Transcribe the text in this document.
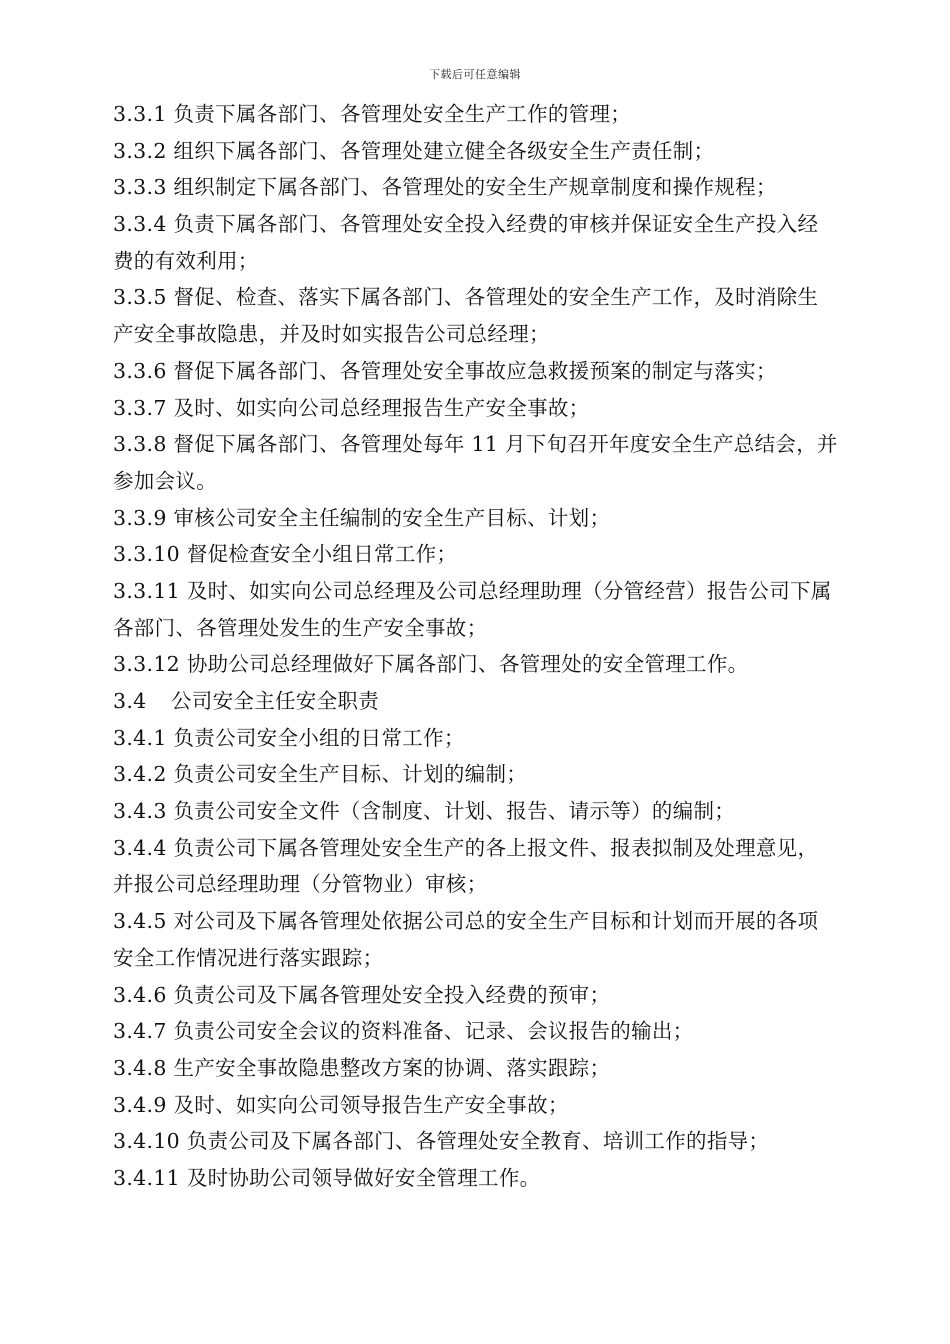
下载后可任意编辑
3.3.1 负责下属各部门、各管理处安全生产工作的管理；
3.3.2 组织下属各部门、各管理处建立健全各级安全生产责任制；
3.3.3 组织制定下属各部门、各管理处的安全生产规章制度和操作规程；
3.3.4 负责下属各部门、各管理处安全投入经费的审核并保证安全生产投入经
费的有效利用；
3.3.5 督促、检查、落实下属各部门、各管理处的安全生产工作，及时消除生
产安全事故隐患，并及时如实报告公司总经理；
3.3.6 督促下属各部门、各管理处安全事故应急救援预案的制定与落实；
3.3.7 及时、如实向公司总经理报告生产安全事故；
3.3.8 督促下属各部门、各管理处每年 11 月下旬召开年度安全生产总结会，并
参加会议。
3.3.9 审核公司安全主任编制的安全生产目标、计划；
3.3.10 督促检查安全小组日常工作；
3.3.11 及时、如实向公司总经理及公司总经理助理（分管经营）报告公司下属
各部门、各管理处发生的生产安全事故；
3.3.12 协助公司总经理做好下属各部门、各管理处的安全管理工作。
3.4 公司安全主任安全职责
3.4.1 负责公司安全小组的日常工作；
3.4.2 负责公司安全生产目标、计划的编制；
3.4.3 负责公司安全文件（含制度、计划、报告、请示等）的编制；
3.4.4 负责公司下属各管理处安全生产的各上报文件、报表拟制及处理意见，
并报公司总经理助理（分管物业）审核；
3.4.5 对公司及下属各管理处依据公司总的安全生产目标和计划而开展的各项
安全工作情况进行落实跟踪；
3.4.6 负责公司及下属各管理处安全投入经费的预审；
3.4.7 负责公司安全会议的资料准备、记录、会议报告的输出；
3.4.8 生产安全事故隐患整改方案的协调、落实跟踪；
3.4.9 及时、如实向公司领导报告生产安全事故；
3.4.10 负责公司及下属各部门、各管理处安全教育、培训工作的指导；
3.4.11 及时协助公司领导做好安全管理工作。
